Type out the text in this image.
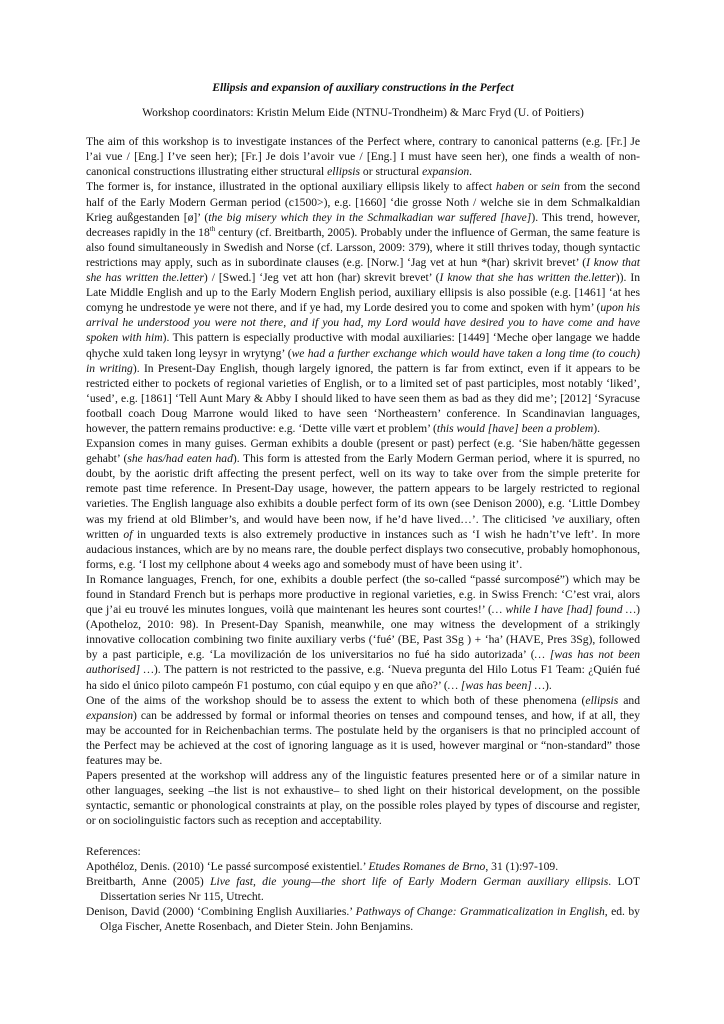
Ellipsis and expansion of auxiliary constructions in the Perfect

Workshop coordinators: Kristin Melum Eide (NTNU-Trondheim) & Marc Fryd (U. of Poitiers)

The aim of this workshop is to investigate instances of the Perfect where, contrary to canonical patterns (e.g. [Fr.] Je l’ai vue / [Eng.] I’ve seen her); [Fr.] Je dois l’avoir vue / [Eng.] I must have seen her), one finds a wealth of non-canonical constructions illustrating either structural ellipsis or structural expansion.

The former is, for instance, illustrated in the optional auxiliary ellipsis likely to affect haben or sein from the second half of the Early Modern German period (c1500>), e.g. [1660] ‘die grosse Noth / welche sie in dem Schmalkaldian Krieg außgestanden [ø]’ (the big misery which they in the Schmalkadian war suffered [have]). This trend, however, decreases rapidly in the 18th century (cf. Breitbarth, 2005). Probably under the influence of German, the same feature is also found simultaneously in Swedish and Norse (cf. Larsson, 2009: 379), where it still thrives today, though syntactic restrictions may apply, such as in subordinate clauses (e.g. [Norw.] ‘Jag vet at hun *(har) skrivit brevet’ (I know that she has written the.letter) / [Swed.] ‘Jeg vet att hon (har) skrevit brevet’ (I know that she has written the.letter)). In Late Middle English and up to the Early Modern English period, auxiliary ellipsis is also possible (e.g. [1461] ‘at hes comyng he undrestode ye were not there, and if ye had, my Lorde desired you to come and spoken with hym’ (upon his arrival he understood you were not there, and if you had, my Lord would have desired you to have come and have spoken with him). This pattern is especially productive with modal auxiliaries: [1449] ‘Meche oþer langage we hadde qhyche xuld taken long leysyr in wrytyng’ (we had a further exchange which would have taken a long time (to couch) in writing). In Present-Day English, though largely ignored, the pattern is far from extinct, even if it appears to be restricted either to pockets of regional varieties of English, or to a limited set of past participles, most notably ‘liked’, ‘used’, e.g. [1861] ‘Tell Aunt Mary & Abby I should liked to have seen them as bad as they did me’; [2012] ‘Syracuse football coach Doug Marrone would liked to have seen ‘Northeastern’ conference. In Scandinavian languages, however, the pattern remains productive: e.g. ‘Dette ville vært et problem’ (this would [have] been a problem).

Expansion comes in many guises. German exhibits a double (present or past) perfect (e.g. ‘Sie haben/hätte gegessen gehabt’ (she has/had eaten had). This form is attested from the Early Modern German period, where it is spurred, no doubt, by the aoristic drift affecting the present perfect, well on its way to take over from the simple preterite for remote past time reference. In Present-Day usage, however, the pattern appears to be largely restricted to regional varieties. The English language also exhibits a double perfect form of its own (see Denison 2000), e.g. ‘Little Dombey was my friend at old Blimber’s, and would have been now, if he’d have lived…’. The cliticised ’ve auxiliary, often written of in unguarded texts is also extremely productive in instances such as ‘I wish he hadn’t’ve left’. In more audacious instances, which are by no means rare, the double perfect displays two consecutive, probably homophonous, forms, e.g. ‘I lost my cellphone about 4 weeks ago and somebody must of have been using it’.

In Romance languages, French, for one, exhibits a double perfect (the so-called “passé surcomposé”) which may be found in Standard French but is perhaps more productive in regional varieties, e.g. in Swiss French: ‘C’est vrai, alors que j’ai eu trouvé les minutes longues, voilà que maintenant les heures sont courtes!’ (… while I have [had] found …) (Apotheloz, 2010: 98). In Present-Day Spanish, meanwhile, one may witness the development of a strikingly innovative collocation combining two finite auxiliary verbs (‘fué’ (BE, Past 3Sg ) + ‘ha’ (HAVE, Pres 3Sg), followed by a past participle, e.g. ‘La movilización de los universitarios no fué ha sido autorizada’ (… [was has not been authorised] …). The pattern is not restricted to the passive, e.g. ‘Nueva pregunta del Hilo Lotus F1 Team: ¿Quién fué ha sido el único piloto campeón F1 postumo, con cúal equipo y en que año?’ (… [was has been] …).

One of the aims of the workshop should be to assess the extent to which both of these phenomena (ellipsis and expansion) can be addressed by formal or informal theories on tenses and compound tenses, and how, if at all, they may be accounted for in Reichenbachian terms. The postulate held by the organisers is that no principled account of the Perfect may be achieved at the cost of ignoring language as it is used, however marginal or “non-standard” those features may be.

Papers presented at the workshop will address any of the linguistic features presented here or of a similar nature in other languages, seeking –the list is not exhaustive– to shed light on their historical development, on the possible syntactic, semantic or phonological constraints at play, on the possible roles played by types of discourse and register, or on sociolinguistic factors such as reception and acceptability.

References:

Apothéloz, Denis. (2010) ‘Le passé surcomposé existentiel.’ Etudes Romanes de Brno, 31 (1):97-109.

Breitbarth, Anne (2005) Live fast, die young—the short life of Early Modern German auxiliary ellipsis. LOT Dissertation series Nr 115, Utrecht.

Denison, David (2000) ‘Combining English Auxiliaries.’ Pathways of Change: Grammaticalization in English, ed. by Olga Fischer, Anette Rosenbach, and Dieter Stein. John Benjamins.
